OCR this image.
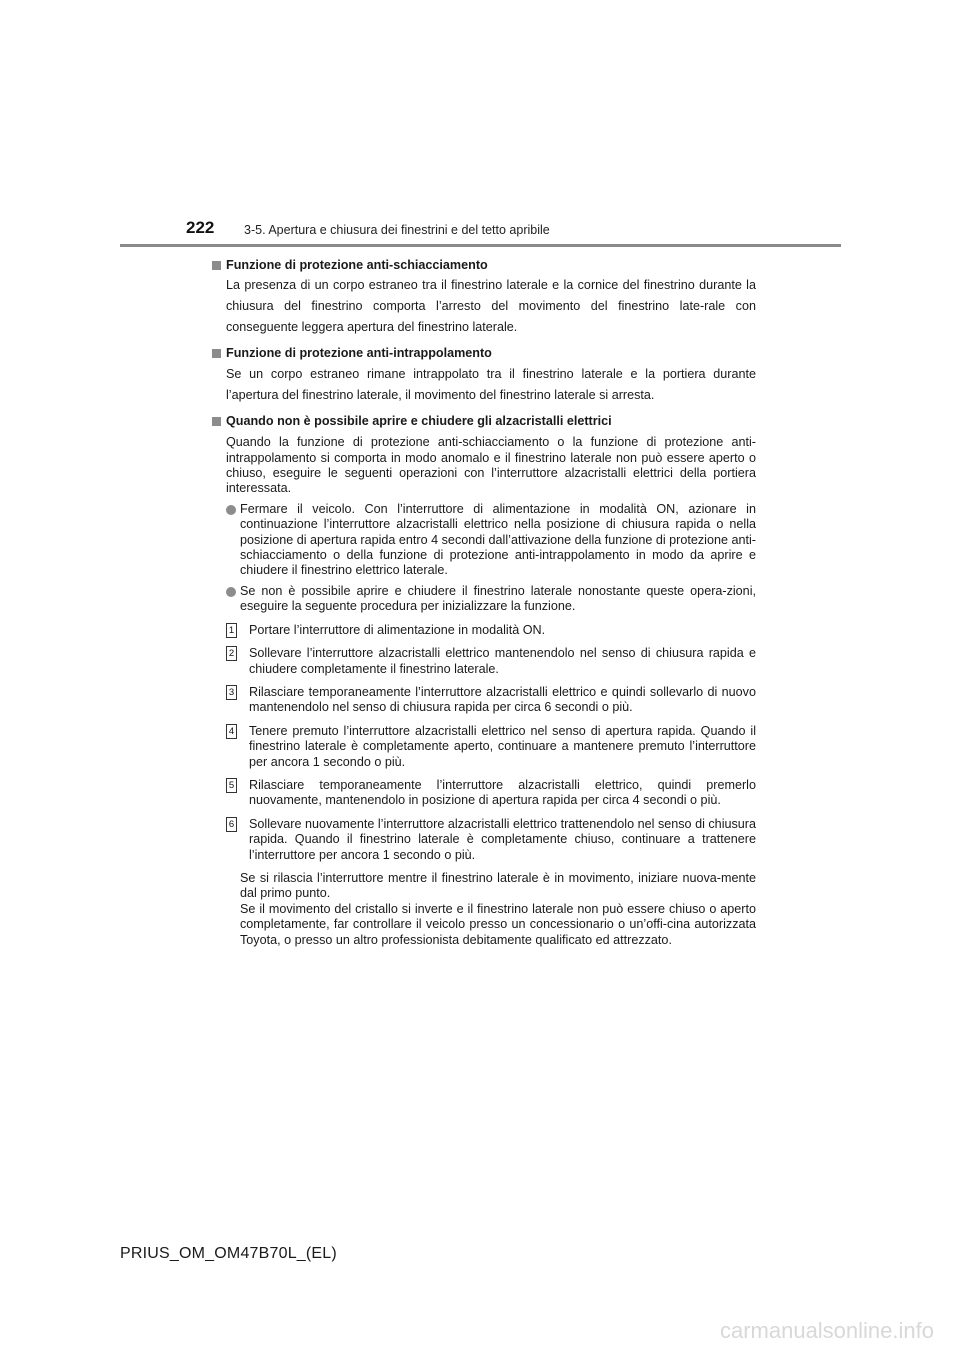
222 3-5. Apertura e chiusura dei finestrini e del tetto apribile
Funzione di protezione anti-schiacciamento
La presenza di un corpo estraneo tra il finestrino laterale e la cornice del finestrino durante la chiusura del finestrino comporta l’arresto del movimento del finestrino late-rale con conseguente leggera apertura del finestrino laterale.
Funzione di protezione anti-intrappolamento
Se un corpo estraneo rimane intrappolato tra il finestrino laterale e la portiera durante l’apertura del finestrino laterale, il movimento del finestrino laterale si arresta.
Quando non è possibile aprire e chiudere gli alzacristalli elettrici
Quando la funzione di protezione anti-schiacciamento o la funzione di protezione anti-intrappolamento si comporta in modo anomalo e il finestrino laterale non può essere aperto o chiuso, eseguire le seguenti operazioni con l’interruttore alzacristalli elettrici della portiera interessata.
Fermare il veicolo. Con l’interruttore di alimentazione in modalità ON, azionare in continuazione l’interruttore alzacristalli elettrico nella posizione di chiusura rapida o nella posizione di apertura rapida entro 4 secondi dall’attivazione della funzione di protezione anti-schiacciamento o della funzione di protezione anti-intrappolamento in modo da aprire e chiudere il finestrino elettrico laterale.
Se non è possibile aprire e chiudere il finestrino laterale nonostante queste opera-zioni, eseguire la seguente procedura per inizializzare la funzione.
1 Portare l’interruttore di alimentazione in modalità ON.
2 Sollevare l’interruttore alzacristalli elettrico mantenendolo nel senso di chiusura rapida e chiudere completamente il finestrino laterale.
3 Rilasciare temporaneamente l’interruttore alzacristalli elettrico e quindi sollevarlo di nuovo mantenendolo nel senso di chiusura rapida per circa 6 secondi o più.
4 Tenere premuto l’interruttore alzacristalli elettrico nel senso di apertura rapida. Quando il finestrino laterale è completamente aperto, continuare a mantenere premuto l’interruttore per ancora 1 secondo o più.
5 Rilasciare temporaneamente l’interruttore alzacristalli elettrico, quindi premerlo nuovamente, mantenendolo in posizione di apertura rapida per circa 4 secondi o più.
6 Sollevare nuovamente l’interruttore alzacristalli elettrico trattenendolo nel senso di chiusura rapida. Quando il finestrino laterale è completamente chiuso, continuare a trattenere l’interruttore per ancora 1 secondo o più.
Se si rilascia l’interruttore mentre il finestrino laterale è in movimento, iniziare nuova-mente dal primo punto.
Se il movimento del cristallo si inverte e il finestrino laterale non può essere chiuso o aperto completamente, far controllare il veicolo presso un concessionario o un’offi-cina autorizzata Toyota, o presso un altro professionista debitamente qualificato ed attrezzato.
PRIUS_OM_OM47B70L_(EL)
carmanualsonline.info
